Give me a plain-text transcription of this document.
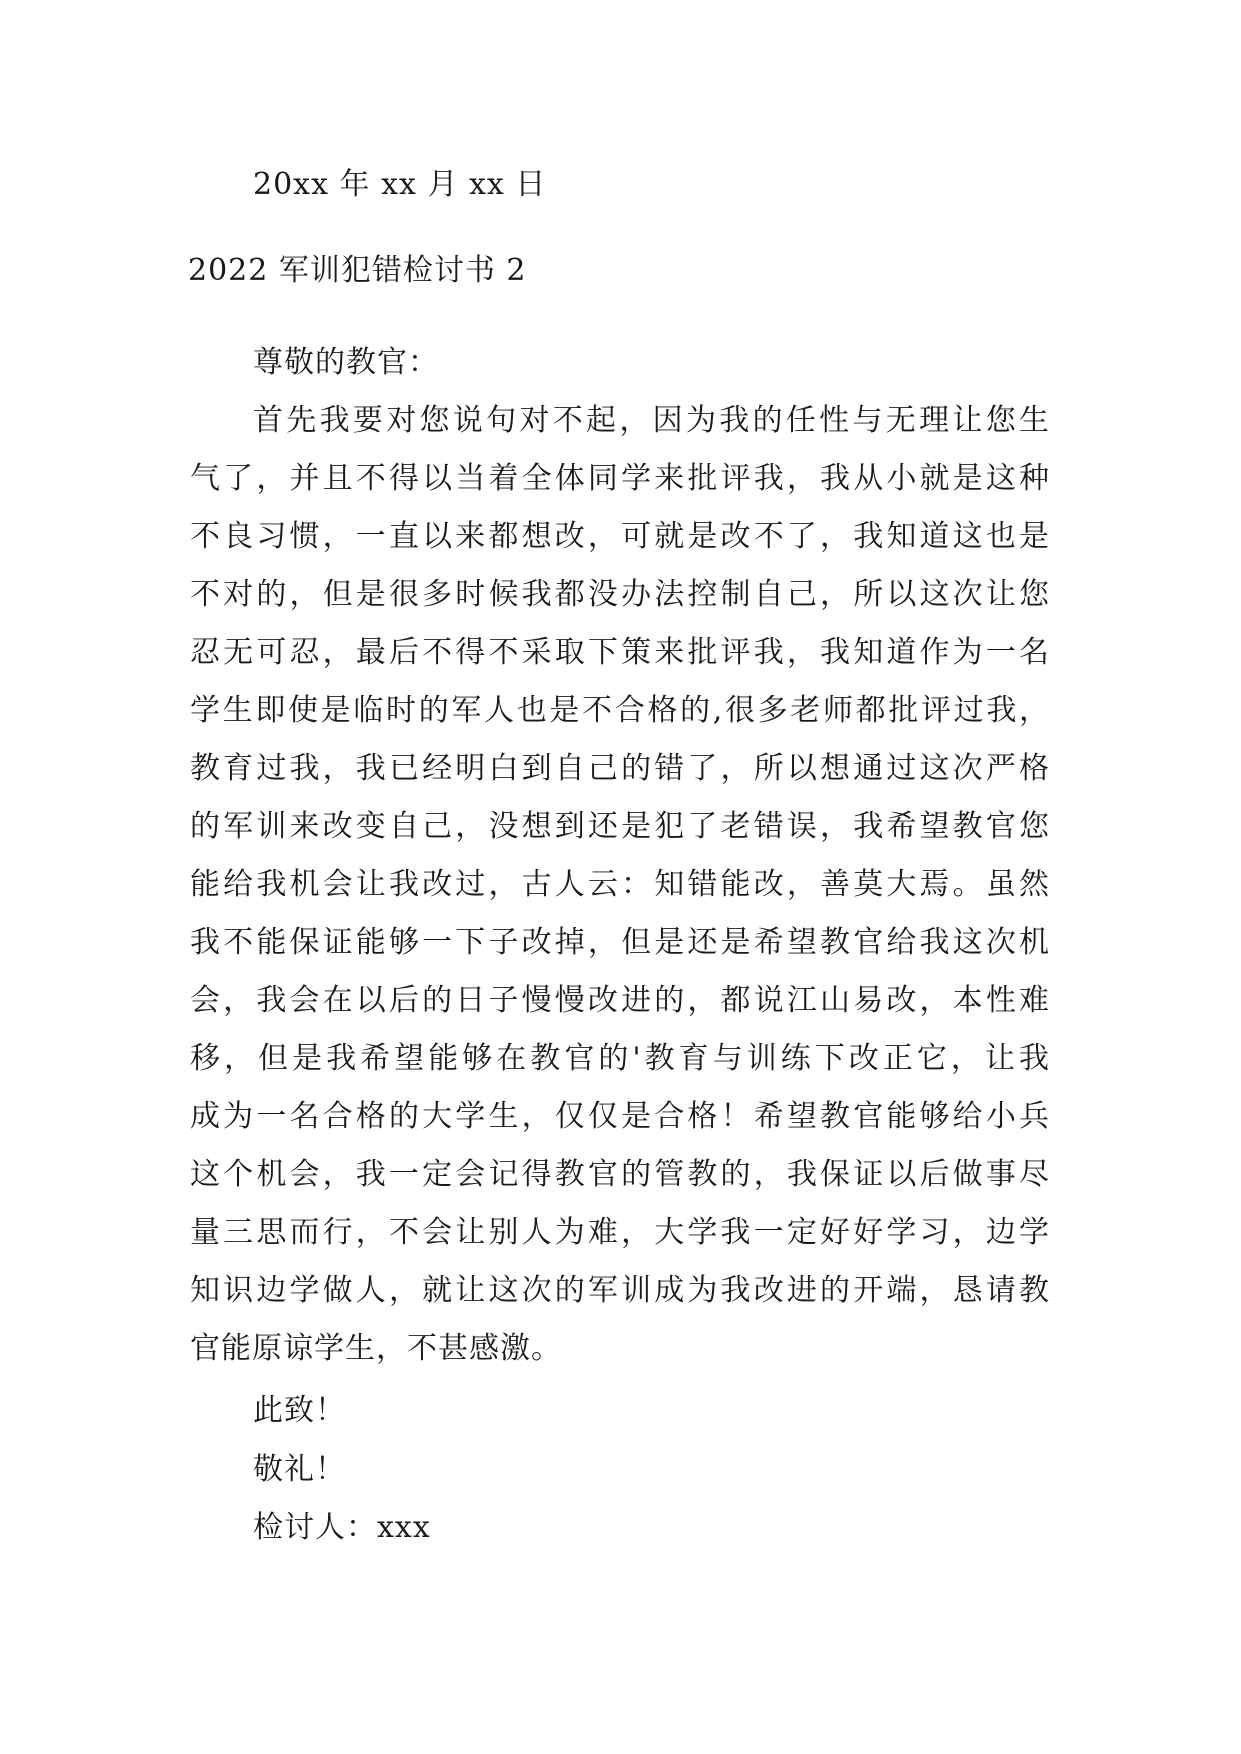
20xx 年 xx 月 xx 日
2022 军训犯错检讨书 2
尊敬的教官：
首先我要对您说句对不起，因为我的任性与无理让您生
气了，并且不得以当着全体同学来批评我，我从小就是这种
不良习惯，一直以来都想改，可就是改不了，我知道这也是
不对的，但是很多时候我都没办法控制自己，所以这次让您
忍无可忍，最后不得不采取下策来批评我，我知道作为一名
学生即使是临时的军人也是不合格的,很多老师都批评过我，
教育过我，我已经明白到自己的错了，所以想通过这次严格
的军训来改变自己，没想到还是犯了老错误，我希望教官您
能给我机会让我改过，古人云：知错能改，善莫大焉。虽然
我不能保证能够一下子改掉，但是还是希望教官给我这次机
会，我会在以后的日子慢慢改进的，都说江山易改，本性难
移，但是我希望能够在教官的'教育与训练下改正它，让我
成为一名合格的大学生，仅仅是合格！希望教官能够给小兵
这个机会，我一定会记得教官的管教的，我保证以后做事尽
量三思而行，不会让别人为难，大学我一定好好学习，边学
知识边学做人，就让这次的军训成为我改进的开端，恳请教
官能原谅学生，不甚感激。
此致！
敬礼！
检讨人：xxx
